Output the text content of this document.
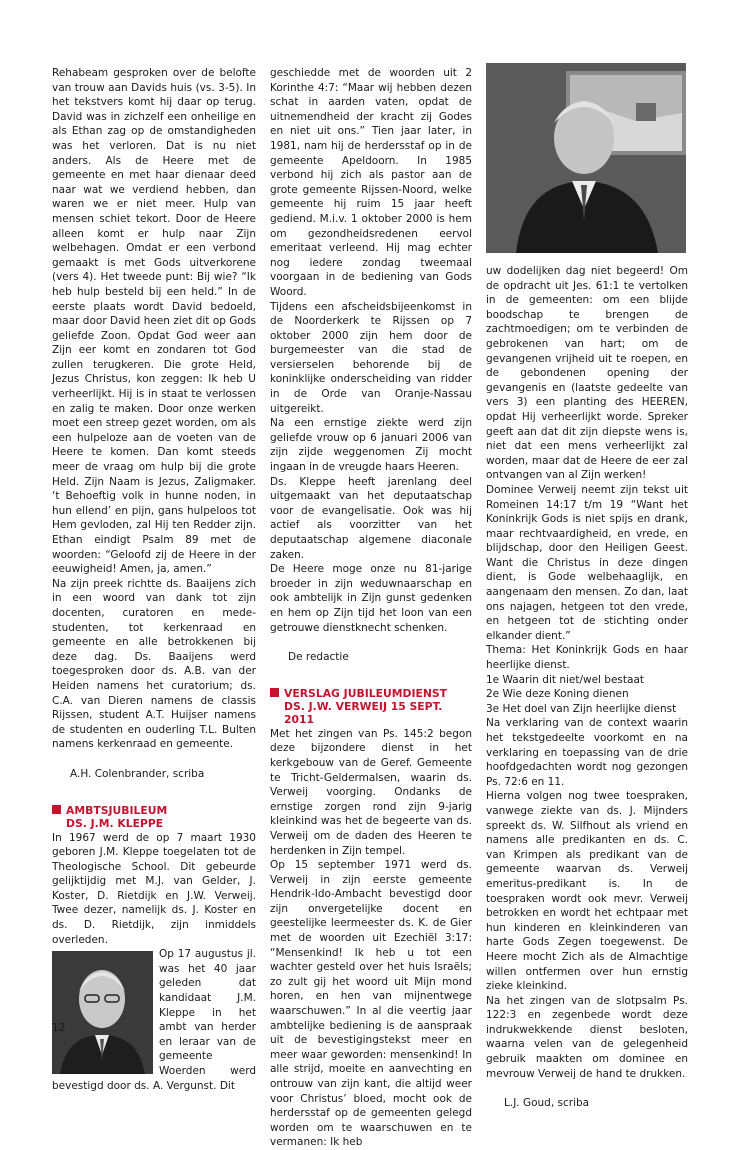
Rehabeam gesproken over de belofte van trouw aan Davids huis (vs. 3-5). In het tekstvers komt hij daar op terug. David was in zichzelf een onheilige en als Ethan zag op de omstandigheden was het verloren. Dat is nu niet anders. Als de Heere met de gemeente en met haar dienaar deed naar wat we verdiend hebben, dan waren we er niet meer. Hulp van mensen schiet tekort. Door de Heere alleen komt er hulp naar Zijn welbehagen. Omdat er een verbond gemaakt is met Gods uitverkorene (vers 4). Het tweede punt: Bij wie? “Ik heb hulp besteld bij een held.” In de eerste plaats wordt David bedoeld, maar door David heen ziet dit op Gods geliefde Zoon. Opdat God weer aan Zijn eer komt en zondaren tot God zullen terugkeren. Die grote Held, Jezus Christus, kon zeggen: Ik heb U verheerlijkt. Hij is in staat te verlossen en zalig te maken. Door onze werken moet een streep gezet worden, om als een hulpeloze aan de voeten van de Heere te komen. Dan komt steeds meer de vraag om hulp bij die grote Held. Zijn Naam is Jezus, Zaligmaker. ‘t Behoeftig volk in hunne noden, in hun ellend’ en pijn, gans hulpeloos tot Hem gevloden, zal Hij ten Redder zijn. Ethan eindigt Psalm 89 met de woorden: “Geloofd zij de Heere in der eeuwigheid! Amen, ja, amen.”

Na zijn preek richtte ds. Baaijens zich in een woord van dank tot zijn docenten, curatoren en mede-studenten, tot kerkenraad en gemeente en alle betrokkenen bij deze dag. Ds. Baaijens werd toegesproken door ds. A.B. van der Heiden namens het curatorium; ds. C.A. van Dieren namens de classis Rijssen, student A.T. Huijser namens de studenten en ouderling T.L. Bulten namens kerkenraad en gemeente.

A.H. Colenbrander, scriba

AMBTSJUBILEUM
DS. J.M. KLEPPE

In 1967 werd de op 7 maart 1930 geboren J.M. Kleppe toegelaten tot de Theologische School. Dit gebeurde gelijktijdig met M.J. van Gelder, J. Koster, D. Rietdijk en J.W. Verweij. Twee dezer, namelijk ds. J. Koster en ds. D. Rietdijk, zijn inmiddels overleden.

Op 17 augustus jl. was het 40 jaar geleden dat kandidaat J.M. Kleppe in het ambt van herder en leraar van de gemeente Woerden werd bevestigd door ds. A. Vergunst. Dit

geschiedde met de woorden uit 2 Korinthe 4:7: “Maar wij hebben dezen schat in aarden vaten, opdat de uitnemendheid der kracht zij Godes en niet uit ons.” Tien jaar later, in 1981, nam hij de herdersstaf op in de gemeente Apeldoorn. In 1985 verbond hij zich als pastor aan de grote gemeente Rijssen-Noord, welke gemeente hij ruim 15 jaar heeft gediend. M.i.v. 1 oktober 2000 is hem om gezondheidsredenen eervol emeritaat verleend. Hij mag echter nog iedere zondag tweemaal voorgaan in de bediening van Gods Woord.

Tijdens een afscheidsbijeenkomst in de Noorderkerk te Rijssen op 7 oktober 2000 zijn hem door de burgemeester van die stad de versierselen behorende bij de koninklijke onderscheiding van ridder in de Orde van Oranje-Nassau uitgereikt.

Na een ernstige ziekte werd zijn geliefde vrouw op 6 januari 2006 van zijn zijde weggenomen Zij mocht ingaan in de vreugde haars Heeren.

Ds. Kleppe heeft jarenlang deel uitgemaakt van het deputaatschap voor de evangelisatie. Ook was hij actief als voorzitter van het deputaatschap algemene diaconale zaken.

De Heere moge onze nu 81-jarige broeder in zijn weduwnaarschap en ook ambtelijk in Zijn gunst gedenken en hem op Zijn tijd het loon van een getrouwe dienstknecht schenken.

De redactie

VERSLAG JUBILEUMDIENST
DS. J.W. VERWEIJ 15 SEPT. 2011

Met het zingen van Ps. 145:2 begon deze bijzondere dienst in het kerkgebouw van de Geref. Gemeente te Tricht-Geldermalsen, waarin ds. Verweij voorging. Ondanks de ernstige zorgen rond zijn 9-jarig kleinkind was het de begeerte van ds. Verweij om de daden des Heeren te herdenken in Zijn tempel.

Op 15 september 1971 werd ds. Verweij in zijn eerste gemeente Hendrik-Ido-Ambacht bevestigd door zijn onvergetelijke docent en geestelijke leermeester ds. K. de Gier met de woorden uit Ezechiël 3:17: “Mensenkind! Ik heb u tot een wachter gesteld over het huis Israëls; zo zult gij het woord uit Mijn mond horen, en hen van mijnentwege waarschuwen.” In al die veertig jaar ambtelijke bediening is de aanspraak uit de bevestigingstekst meer en meer waar geworden: mensenkind! In alle strijd, moeite en aanvechting en ontrouw van zijn kant, die altijd weer voor Christus’ bloed, mocht ook de herdersstaf op de gemeenten gelegd worden om te waarschuwen en te vermanen: Ik heb

uw dodelijken dag niet begeerd! Om de opdracht uit Jes. 61:1 te vertolken in de gemeenten: om een blijde boodschap te brengen de zachtmoedigen; om te verbinden de gebrokenen van hart; om de gevangenen vrijheid uit te roepen, en de gebondenen opening der gevangenis en (laatste gedeelte van vers 3) een planting des HEEREN, opdat Hij verheerlijkt worde. Spreker geeft aan dat dit zijn diepste wens is, niet dat een mens verheerlijkt zal worden, maar dat de Heere de eer zal ontvangen van al Zijn werken!

Dominee Verweij neemt zijn tekst uit Romeinen 14:17 t/m 19 “Want het Koninkrijk Gods is niet spijs en drank, maar rechtvaardigheid, en vrede, en blijdschap, door den Heiligen Geest. Want die Christus in deze dingen dient, is Gode welbehaaglijk, en aangenaam den mensen. Zo dan, laat ons najagen, hetgeen tot den vrede, en hetgeen tot de stichting onder elkander dient.”

Thema: Het Koninkrijk Gods en haar heerlijke dienst.

1e Waarin dit niet/wel bestaat

2e Wie deze Koning dienen

3e Het doel van Zijn heerlijke dienst

Na verklaring van de context waarin het tekstgedeelte voorkomt en na verklaring en toepassing van de drie hoofdgedachten wordt nog gezongen Ps. 72:6 en 11.

Hierna volgen nog twee toespraken, vanwege ziekte van ds. J. Mijnders spreekt ds. W. Silfhout als vriend en namens alle predikanten en ds. C. van Krimpen als predikant van de gemeente waarvan ds. Verweij emeritus-predikant is. In de toespraken wordt ook mevr. Verweij betrokken en wordt het echtpaar met hun kinderen en kleinkinderen van harte Gods Zegen toegewenst. De Heere mocht Zich als de Almachtige willen ontfermen over hun ernstig zieke kleinkind.

Na het zingen van de slotpsalm Ps. 122:3 en zegenbede wordt deze indrukwekkende dienst besloten, waarna velen van de gelegenheid gebruik maakten om dominee en mevrouw Verweij de hand te drukken.

L.J. Goud, scriba

12
